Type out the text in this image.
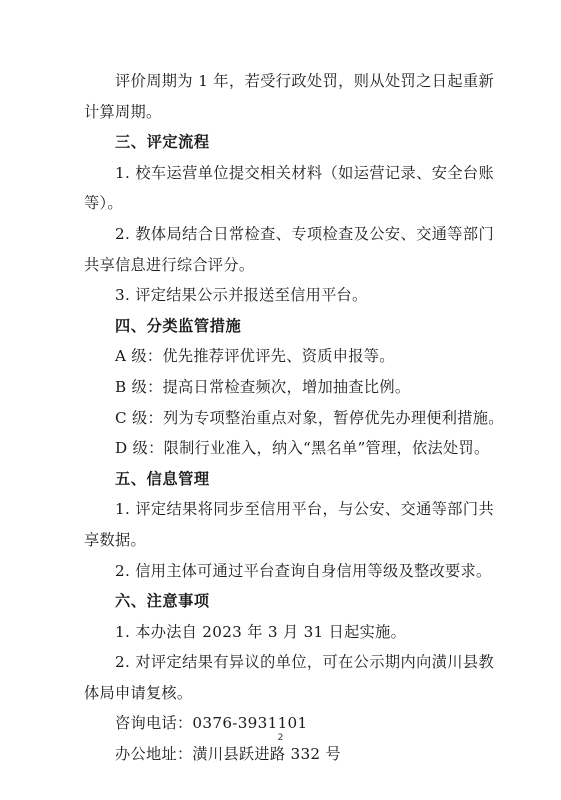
评价周期为 1 年，若受行政处罚，则从处罚之日起重新
计算周期。
三、评定流程
1. 校车运营单位提交相关材料（如运营记录、安全台账
等）。
2. 教体局结合日常检查、专项检查及公安、交通等部门
共享信息进行综合评分。
3. 评定结果公示并报送至信用平台。
四、分类监管措施
A 级：优先推荐评优评先、资质申报等。
B 级：提高日常检查频次，增加抽查比例。
C 级：列为专项整治重点对象，暂停优先办理便利措施。
D 级：限制行业准入，纳入“黑名单”管理，依法处罚。
五、信息管理
1. 评定结果将同步至信用平台，与公安、交通等部门共
享数据。
2. 信用主体可通过平台查询自身信用等级及整改要求。
六、注意事项
1. 本办法自 2023 年 3 月 31 日起实施。
2. 对评定结果有异议的单位，可在公示期内向潢川县教
体局申请复核。
咨询电话：0376-3931101
办公地址：潢川县跃进路 332 号
2
